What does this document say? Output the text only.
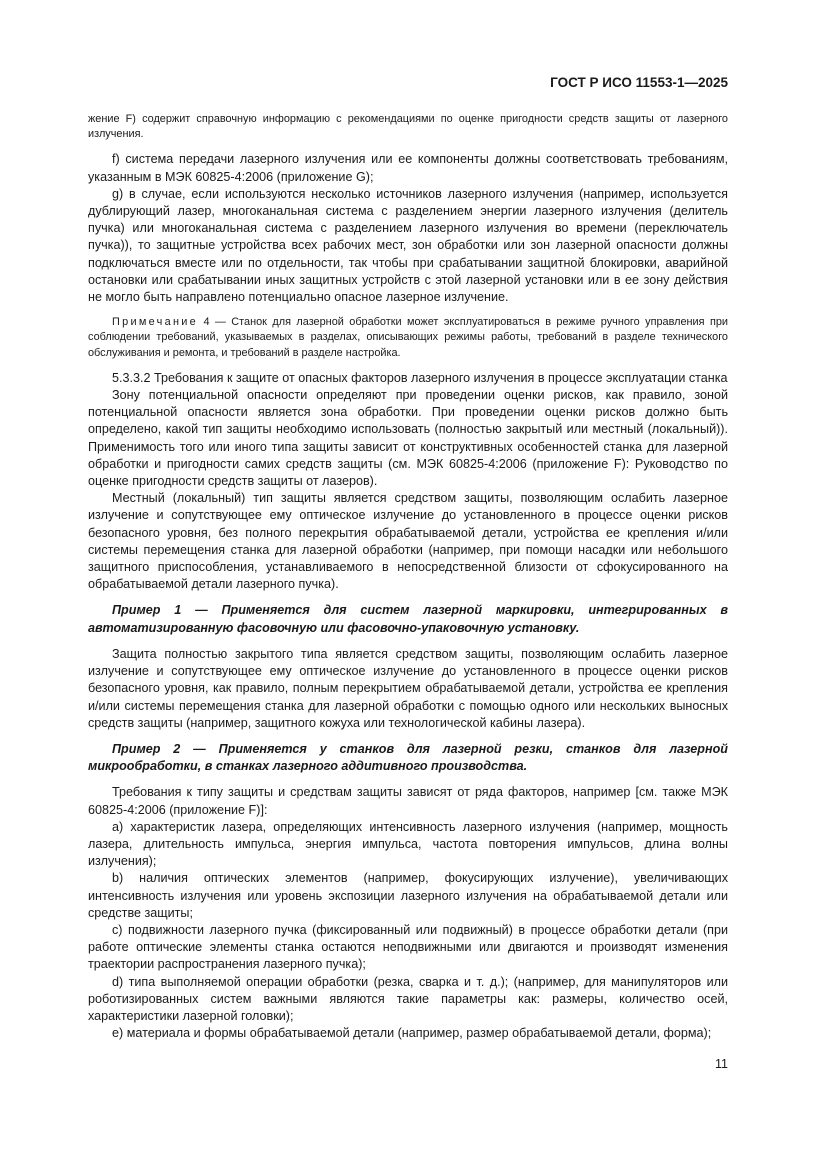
ГОСТ Р ИСО 11553-1—2025

жение F) содержит справочную информацию с рекомендациями по оценке пригодности средств защиты от лазерного излучения.

f) система передачи лазерного излучения или ее компоненты должны соответствовать требованиям, указанным в МЭК 60825-4:2006 (приложение G);

g) в случае, если используются несколько источников лазерного излучения (например, используется дублирующий лазер, многоканальная система с разделением энергии лазерного излучения (делитель пучка) или многоканальная система с разделением лазерного излучения во времени (переключатель пучка)), то защитные устройства всех рабочих мест, зон обработки или зон лазерной опасности должны подключаться вместе или по отдельности, так чтобы при срабатывании защитной блокировки, аварийной остановки или срабатывании иных защитных устройств с этой лазерной установки или в ее зону действия не могло быть направлено потенциально опасное лазерное излучение.

Примечание 4 — Станок для лазерной обработки может эксплуатироваться в режиме ручного управления при соблюдении требований, указываемых в разделах, описывающих режимы работы, требований в разделе технического обслуживания и ремонта, и требований в разделе настройка.

5.3.3.2 Требования к защите от опасных факторов лазерного излучения в процессе эксплуатации станка

Зону потенциальной опасности определяют при проведении оценки рисков, как правило, зоной потенциальной опасности является зона обработки. При проведении оценки рисков должно быть определено, какой тип защиты необходимо использовать (полностью закрытый или местный (локальный)). Применимость того или иного типа защиты зависит от конструктивных особенностей станка для лазерной обработки и пригодности самих средств защиты (см. МЭК 60825-4:2006 (приложение F): Руководство по оценке пригодности средств защиты от лазеров).

Местный (локальный) тип защиты является средством защиты, позволяющим ослабить лазерное излучение и сопутствующее ему оптическое излучение до установленного в процессе оценки рисков безопасного уровня, без полного перекрытия обрабатываемой детали, устройства ее крепления и/или системы перемещения станка для лазерной обработки (например, при помощи насадки или небольшого защитного приспособления, устанавливаемого в непосредственной близости от сфокусированного на обрабатываемой детали лазерного пучка).

Пример 1 — Применяется для систем лазерной маркировки, интегрированных в автоматизированную фасовочную или фасовочно-упаковочную установку.

Защита полностью закрытого типа является средством защиты, позволяющим ослабить лазерное излучение и сопутствующее ему оптическое излучение до установленного в процессе оценки рисков безопасного уровня, как правило, полным перекрытием обрабатываемой детали, устройства ее крепления и/или системы перемещения станка для лазерной обработки с помощью одного или нескольких выносных средств защиты (например, защитного кожуха или технологической кабины лазера).

Пример 2 — Применяется у станков для лазерной резки, станков для лазерной микрообработки, в станках лазерного аддитивного производства.

Требования к типу защиты и средствам защиты зависят от ряда факторов, например [см. также МЭК 60825-4:2006 (приложение F)]:

а) характеристик лазера, определяющих интенсивность лазерного излучения (например, мощность лазера, длительность импульса, энергия импульса, частота повторения импульсов, длина волны излучения);

b) наличия оптических элементов (например, фокусирующих излучение), увеличивающих интенсивность излучения или уровень экспозиции лазерного излучения на обрабатываемой детали или средстве защиты;

c) подвижности лазерного пучка (фиксированный или подвижный) в процессе обработки детали (при работе оптические элементы станка остаются неподвижными или двигаются и производят изменения траектории распространения лазерного пучка);

d) типа выполняемой операции обработки (резка, сварка и т. д.); (например, для манипуляторов или роботизированных систем важными являются такие параметры как: размеры, количество осей, характеристики лазерной головки);

e) материала и формы обрабатываемой детали (например, размер обрабатываемой детали, форма);

11
